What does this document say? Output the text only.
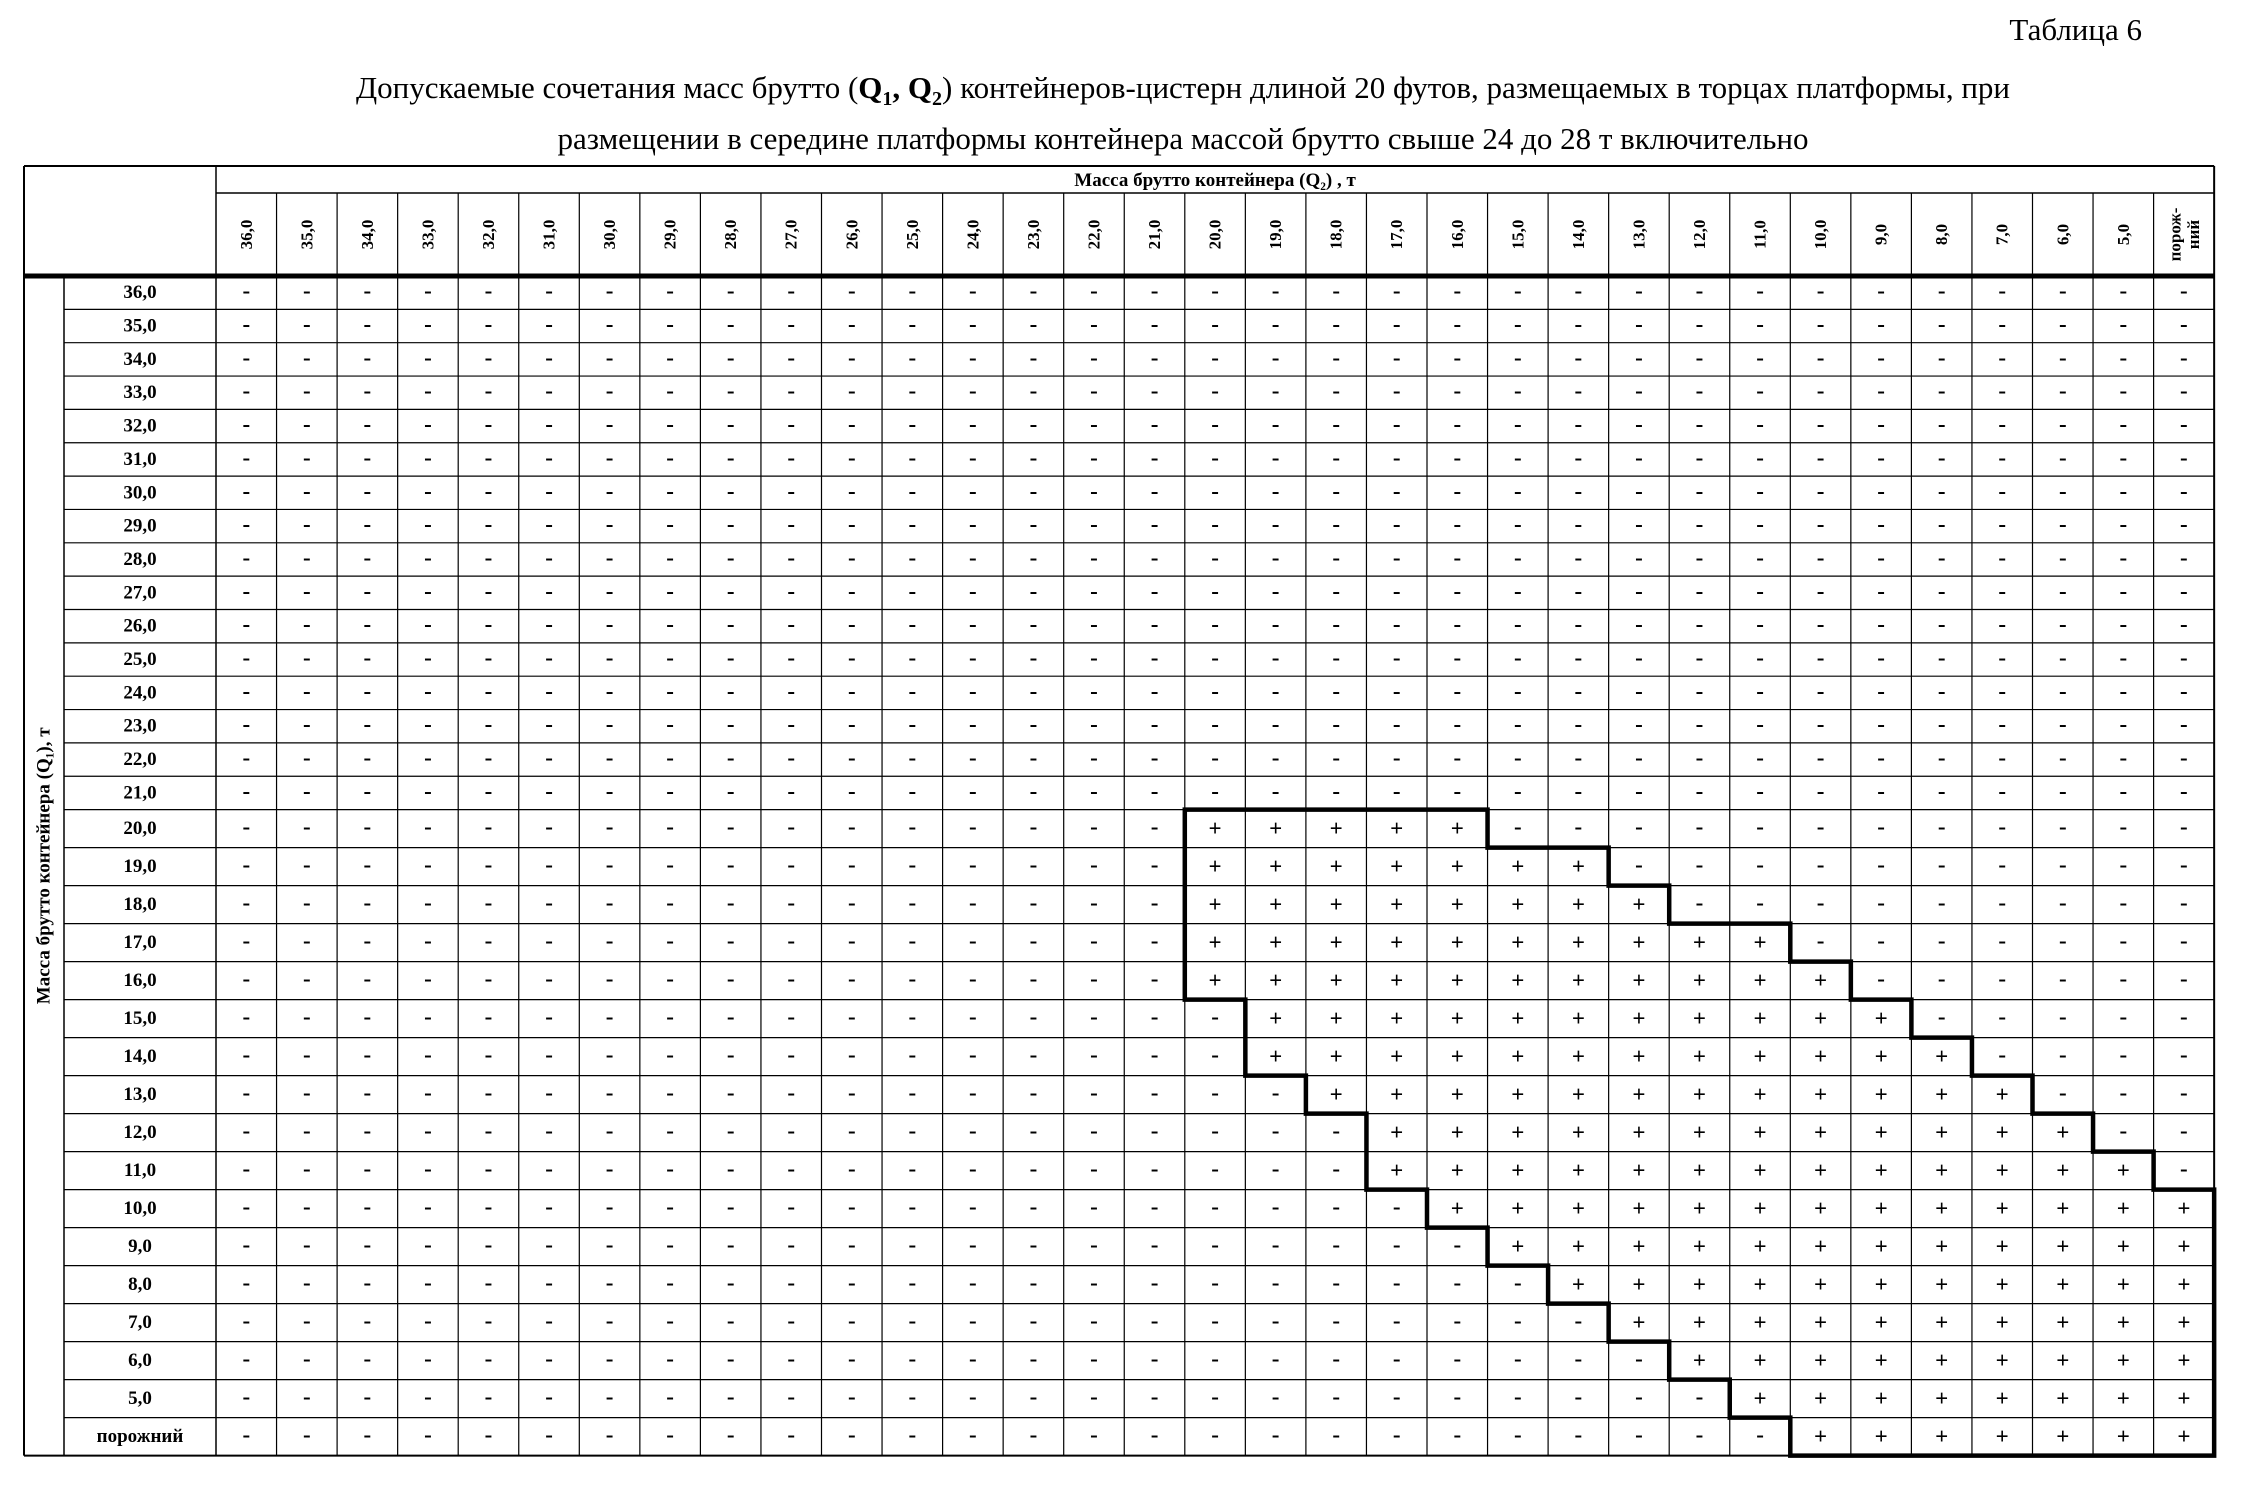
Таблица 6
Допускаемые сочетания масс брутто ($Q_1$, $Q_2$) контейнеров-цистерн длиной 20 футов, размещаемых в торцах платформы, при
размещении в середине платформы контейнера массой брутто свыше 24 до 28 т включительно
Масса брутто контейнера (Q₂) , т
36,0 35,0 34,0 33,0 32,0 31,0 30,0 29,0 28,0 27,0 26,0 25,0 24,0 23,0 22,0 21,0 20,0 19,0 18,0 17,0 16,0 15,0 14,0 13,0 12,0 11,0 10,0 9,0 8,0 7,0 6,0 5,0 порож-ний
Масса брутто контейнера (Q₁), т
36,0	- - - - - - - - - - - - - - - - - - - - - - - - - - - - - - - - -
35,0	- - - - - - - - - - - - - - - - - - - - - - - - - - - - - - - - -
34,0	- - - - - - - - - - - - - - - - - - - - - - - - - - - - - - - - -
33,0	- - - - - - - - - - - - - - - - - - - - - - - - - - - - - - - - -
32,0	- - - - - - - - - - - - - - - - - - - - - - - - - - - - - - - - -
31,0	- - - - - - - - - - - - - - - - - - - - - - - - - - - - - - - - -
30,0	- - - - - - - - - - - - - - - - - - - - - - - - - - - - - - - - -
29,0	- - - - - - - - - - - - - - - - - - - - - - - - - - - - - - - - -
28,0	- - - - - - - - - - - - - - - - - - - - - - - - - - - - - - - - -
27,0	- - - - - - - - - - - - - - - - - - - - - - - - - - - - - - - - -
26,0	- - - - - - - - - - - - - - - - - - - - - - - - - - - - - - - - -
25,0	- - - - - - - - - - - - - - - - - - - - - - - - - - - - - - - - -
24,0	- - - - - - - - - - - - - - - - - - - - - - - - - - - - - - - - -
23,0	- - - - - - - - - - - - - - - - - - - - - - - - - - - - - - - - -
22,0	- - - - - - - - - - - - - - - - - - - - - - - - - - - - - - - - -
21,0	- - - - - - - - - - - - - - - - - - - - - - - - - - - - - - - - -
20,0	- - - - - - - - - - - - - - - - + + + + + - - - - - - - - - - - -
19,0	- - - - - - - - - - - - - - - - + + + + + + + - - - - - - - - - -
18,0	- - - - - - - - - - - - - - - - + + + + + + + + - - - - - - - - -
17,0	- - - - - - - - - - - - - - - - + + + + + + + + + + - - - - - - -
16,0	- - - - - - - - - - - - - - - - + + + + + + + + + + + - - - - - -
15,0	- - - - - - - - - - - - - - - - - + + + + + + + + + + + - - - - -
14,0	- - - - - - - - - - - - - - - - - + + + + + + + + + + + + - - - -
13,0	- - - - - - - - - - - - - - - - - - + + + + + + + + + + + + - - -
12,0	- - - - - - - - - - - - - - - - - - - + + + + + + + + + + + + - -
11,0	- - - - - - - - - - - - - - - - - - - + + + + + + + + + + + + + -
10,0	- - - - - - - - - - - - - - - - - - - - + + + + + + + + + + + + +
9,0	- - - - - - - - - - - - - - - - - - - - - + + + + + + + + + + + +
8,0	- - - - - - - - - - - - - - - - - - - - - - + + + + + + + + + + +
7,0	- - - - - - - - - - - - - - - - - - - - - - - + + + + + + + + + +
6,0	- - - - - - - - - - - - - - - - - - - - - - - - + + + + + + + + +
5,0	- - - - - - - - - - - - - - - - - - - - - - - - - + + + + + + + +
порожний	- - - - - - - - - - - - - - - - - - - - - - - - - - + + + + + + +
